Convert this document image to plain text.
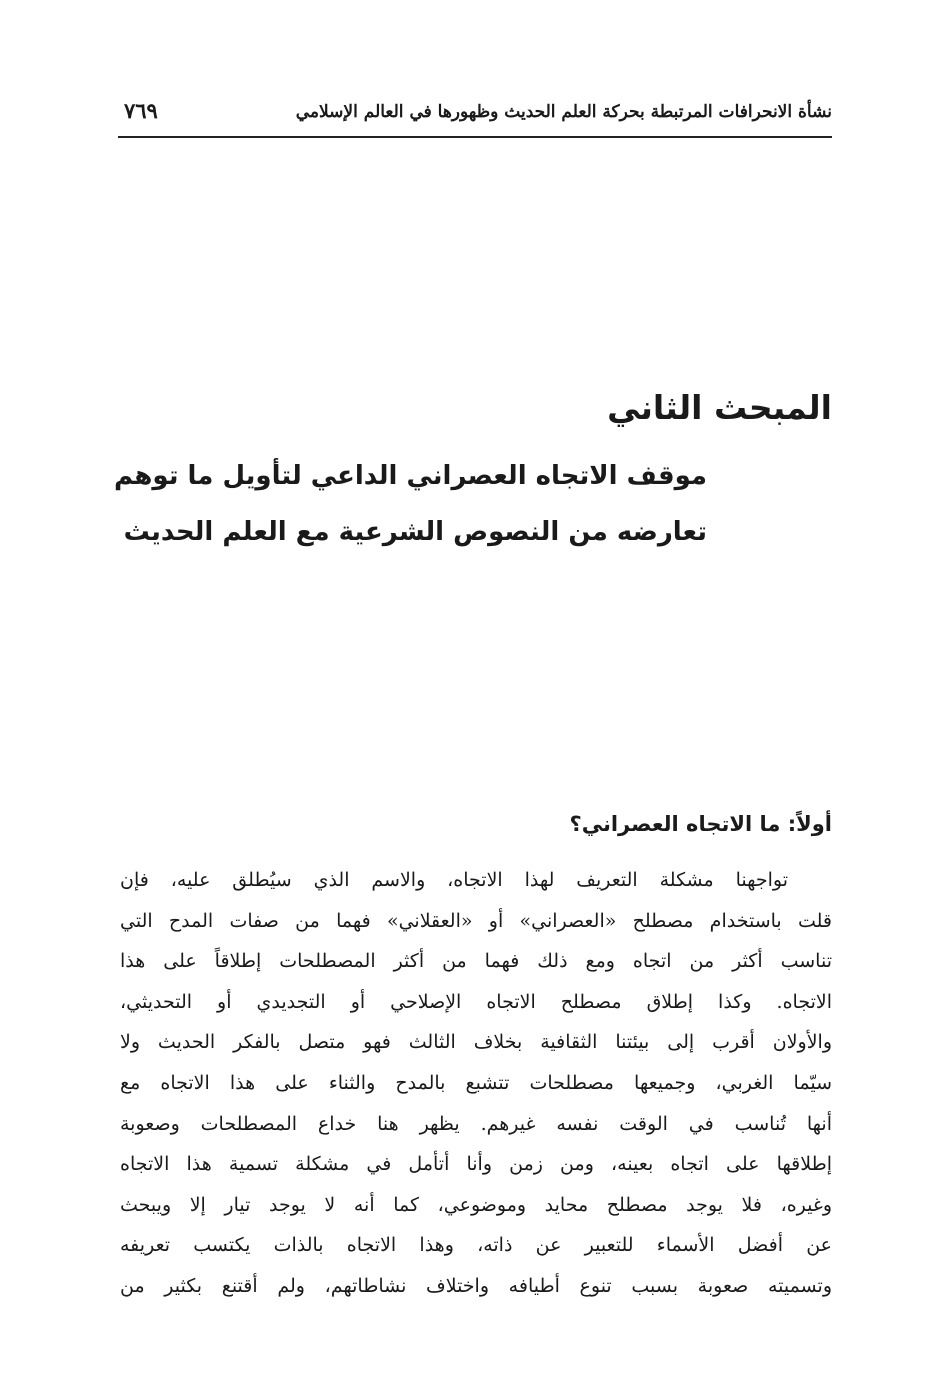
نشأة الانحرافات المرتبطة بحركة العلم الحديث وظهورها في العالم الإسلامي
٧٦٩
المبحث الثاني
موقف الاتجاه العصراني الداعي لتأويل ما توهم
تعارضه من النصوص الشرعية مع العلم الحديث
أولاً: ما الاتجاه العصراني؟
تواجهنا مشكلة التعريف لهذا الاتجاه، والاسم الذي سيُطلق عليه، فإن
قلت باستخدام مصطلح «العصراني» أو «العقلاني» فهما من صفات المدح التي
تناسب أكثر من اتجاه ومع ذلك فهما من أكثر المصطلحات إطلاقاً على هذا
الاتجاه. وكذا إطلاق مصطلح الاتجاه الإصلاحي أو التجديدي أو التحديثي،
والأولان أقرب إلى بيئتنا الثقافية بخلاف الثالث فهو متصل بالفكر الحديث ولا
سيّما الغربي، وجميعها مصطلحات تتشبع بالمدح والثناء على هذا الاتجاه مع
أنها تُناسب في الوقت نفسه غيرهم. يظهر هنا خداع المصطلحات وصعوبة
إطلاقها على اتجاه بعينه، ومن زمن وأنا أتأمل في مشكلة تسمية هذا الاتجاه
وغيره، فلا يوجد مصطلح محايد وموضوعي، كما أنه لا يوجد تيار إلا ويبحث
عن أفضل الأسماء للتعبير عن ذاته، وهذا الاتجاه بالذات يكتسب تعريفه
وتسميته صعوبة بسبب تنوع أطيافه واختلاف نشاطاتهم، ولم أقتنع بكثير من
